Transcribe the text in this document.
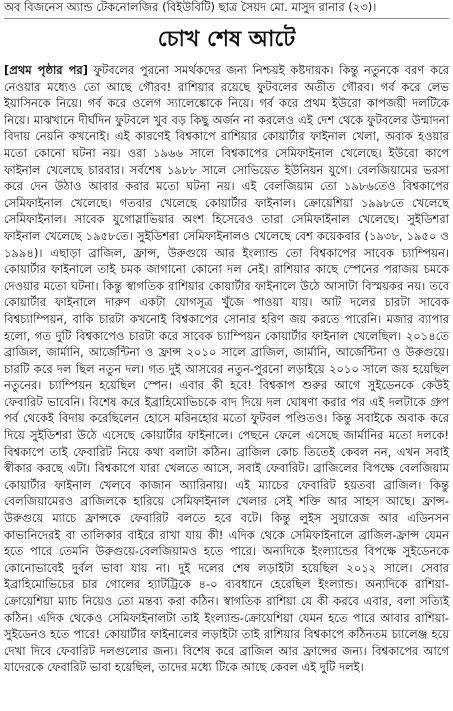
অব বিজনেস অ্যান্ড টেকনোলজির (বিইউবিটি) ছাত্র সৈয়দ মো. মাসুদ রানার (২৩)।
চোখ শেষ আটে
[প্রথম পৃষ্ঠার পর] ফুটবলের পুরনো সমর্থকদের জন্য নিশ্চয়ই কষ্টদায়ক। কিন্তু নতুনকে বরণ করে নেওয়ার মধ্যেও তো আছে গৌরব! রাশিয়ার রয়েছে ফুটবলের অতীত গৌরব। গর্ব করে লেভ ইয়াসিনকে নিয়ে। গর্ব করে ওলেগ স্যালেঙ্কোকে নিয়ে। গর্ব করে প্রথম ইউরো কাপজয়ী দলটিকে নিয়ে। মাঝখানে দীর্ঘদিন ফুটবলে খুব বড় কিছু অর্জন না করলেও এই দেশ থেকে ফুটবলের উন্মাদনা বিদায় নেয়নি কখনোই। এই কারণেই বিশ্বকাপে রাশিয়ার কোয়ার্টার ফাইনাল খেলা, অবাক হওয়ার মতো কোনো ঘটনা নয়। ওরা ১৯৬৬ সালে বিশ্বকাপের সেমিফাইনাল খেলেছে। ইউরো কাপে ফাইনাল খেলেছে চারবার। সর্বশেষ ১৯৮৮ সালে সোভিয়েত ইউনিয়ন যুগে। বেলজিয়ামের ভরসা করে দেন উঠাও আবার করার মতো ঘটনা নয়। এই বেলজিয়াম তো ১৯৮৬তেও বিশ্বকাপের সেমিফাইনাল খেলেছে। গতবার খেলেছে কোয়ার্টার ফাইনাল। ক্রোয়েশিয়া ১৯৯৮তে খেলেছে সেমিফাইনাল। সাবেক যুগোস্লাভিয়ার অংশ হিসেবেও তারা সেমিফাইনাল খেলেছে। সুইডিশরা ফাইনাল খেলেছে ১৯৫৮তে। সুইডিশরা সেমিফাইনালও খেলেছে বেশ কয়েকবার (১৯৩৮, ১৯৫০ ও ১৯৯৪)। এছাড়া ব্রাজিল, ফ্রান্স, উরুগুয়ে আর ইংল্যান্ড তো বিশ্বকাপের সাবেক চ্যাম্পিয়ন। কোয়ার্টার ফাইনালে তাই চমক জাগানো কোনো দল নেই। রাশিয়ার কাছে স্পেনের পরাজয় চমকে দেওয়ার মতো ঘটনা। কিন্তু স্বাগতিক রাশিয়ার কোয়ার্টার ফাইনালে উঠে আসাটা বিস্ময়কর নয়। তবে কোয়ার্টার ফাইনালে দারুণ একটা যোগসূত্র খুঁজে পাওয়া যায়। আট দলের চারটা সাবেক বিশ্বচ্যাম্পিয়ন, বাকি চারটা কখনোই বিশ্বকাপের সোনার হরিণ জয় করতে পারেনি। মজার ব্যাপার হলো, গত দুটি বিশ্বকাপেও চারটা করে সাবেক চ্যাম্পিয়ন কোয়ার্টার ফাইনাল খেলেছিল। ২০১৪তে ব্রাজিল, জার্মানি, আর্জেন্টিনা ও ফ্রান্স ২০১০ সালে ব্রাজিল, জার্মানি, আর্জেন্টিনা ও উরুগুয়ে। চারটি করে দল ছিল নতুন দল। গত দুই আসরের নতুন-পুরনো লড়াইয়ে ২০১০ সালে জয় হয়েছিল নতুনের। চ্যাম্পিয়ন হয়েছিল স্পেন। এবার কী হবে! বিশ্বকাপ শুরুর আগে সুইডেনকে কেউই ফেবারিট ভাবেনি। বিশেষ করে ইব্রাহিমোভিচকে বাদ দিয়ে দল ঘোষণা করার পর এই দলটাকে গ্রুপ পর্ব থেকেই বিদায় করেছিলেন হোসে মরিনহোর মতো ফুটবল পণ্ডিতও। কিন্তু সবাইকে অবাক করে দিয়ে সুইডিশরা উঠে এসেছে কোয়ার্টার ফাইনালে। পেছনে ফেলে এসেছে জার্মানির মতো দলকে! বিশ্বকাপে তাই ফেবারিট নিয়ে কথা বলাটা কঠিন। ব্রাজিল কোচ তিতেই কেবল নন, এখন সবাই স্বীকার করছে এটা। বিশ্বকাপে যারা খেলতে আসে, সবাই ফেবারিট। ব্রাজিলের বিপক্ষে বেলজিয়াম কোয়ার্টার ফাইনাল খেলবে কাজান অ্যারিনায়। এই ম্যাচের ফেবারিট হয়তবা ব্রাজিল। কিন্তু বেলজিয়ামেরও ব্রাজিলকে হারিয়ে সেমিফাইনাল খেলার সেই শক্তি আর সাহস আছে। ফ্রান্স-উরুগুয়ে ম্যাচে ফ্রান্সকে ফেবারিট বলতে হবে বটে। কিন্তু লুইস সুয়ারেজ আর এডিনসন কাভানিদেরই বা তালিকার বাইরে রাখা যায় কী! এদিক থেকে সেমিফাইনালে ব্রাজিল-ফ্রান্স যেমন হতে পারে তেমনি উরুগুয়ে-বেলজিয়ামও হতে পারে। অন্যদিকে ইংল্যান্ডের বিপক্ষে সুইডেনকে কোনোভাবেই দুর্বল ভাবা যায় না। দুই দলের শেষ লড়াইটা হয়েছিল ২০১২ সালে। সেবার ইব্রাহিমোভিচের চার গোলের হ্যাটট্রিকে ৪-০ ব্যবধানে হেরেছিল ইংল্যান্ড। অন্যদিকে রাশিয়া-ক্রোয়েশিয়া ম্যাচ নিয়েও তো মন্তব্য করা কঠিন। স্বাগতিক রাশিয়া যে কী করবে এবার, বলা সত্যিই কঠিন। এদিক থেকেও সেমিফাইনালটা তাই ইংল্যান্ড-ক্রোয়েশিয়া যেমন হতে পারে আবার রাশিয়া-সুইডেনও হতে পারে! কোয়ার্টার ফাইনালের লড়াইটা তাই রাশিয়ার বিশ্বকাপে কঠিনতম চ্যালেঞ্জ হয়ে দেখা দিবে ফেবারিট দলগুলোর জন্য। বিশেষ করে ব্রাজিল আর ফ্রান্সের জন্য। বিশ্বকাপের আগে যাদেরকে ফেবারিট ভাবা হয়েছিল, তাদের মধ্যে টিকে আছে কেবল এই দুটি দলই।
